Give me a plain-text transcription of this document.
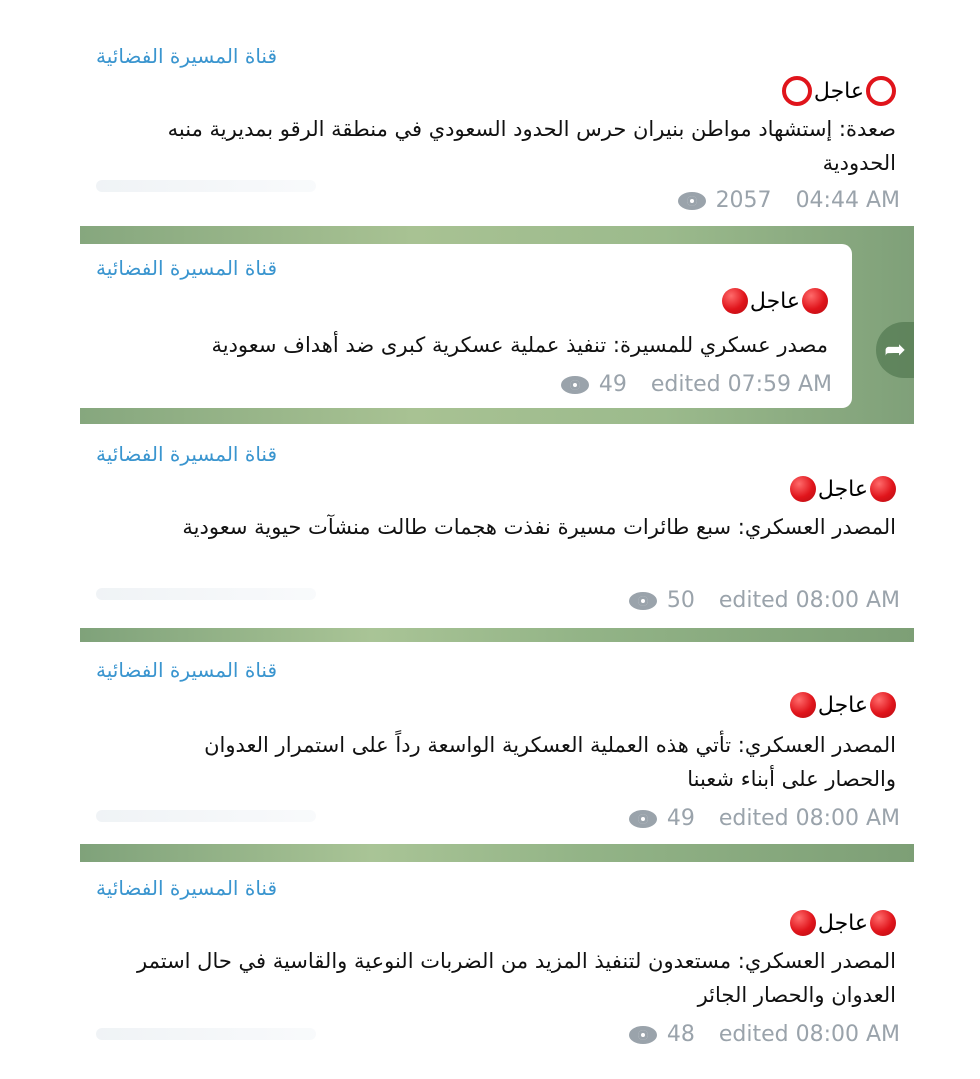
قناة المسيرة الفضائية
عاجل
صعدة: إستشهاد مواطن بنيران حرس الحدود السعودي في منطقة الرقو بمديرية منبه الحدودية
2057 04:44 AM
قناة المسيرة الفضائية
عاجل
مصدر عسكري للمسيرة: تنفيذ عملية عسكرية كبرى ضد أهداف سعودية
49 edited 07:59 AM
➦
قناة المسيرة الفضائية
عاجل
المصدر العسكري: سبع طائرات مسيرة نفذت هجمات طالت منشآت حيوية سعودية
50 edited 08:00 AM
قناة المسيرة الفضائية
عاجل
المصدر العسكري: تأتي هذه العملية العسكرية الواسعة رداً على استمرار العدوان والحصار على أبناء شعبنا
49 edited 08:00 AM
قناة المسيرة الفضائية
عاجل
المصدر العسكري: مستعدون لتنفيذ المزيد من الضربات النوعية والقاسية في حال استمر العدوان والحصار الجائر
48 edited 08:00 AM
